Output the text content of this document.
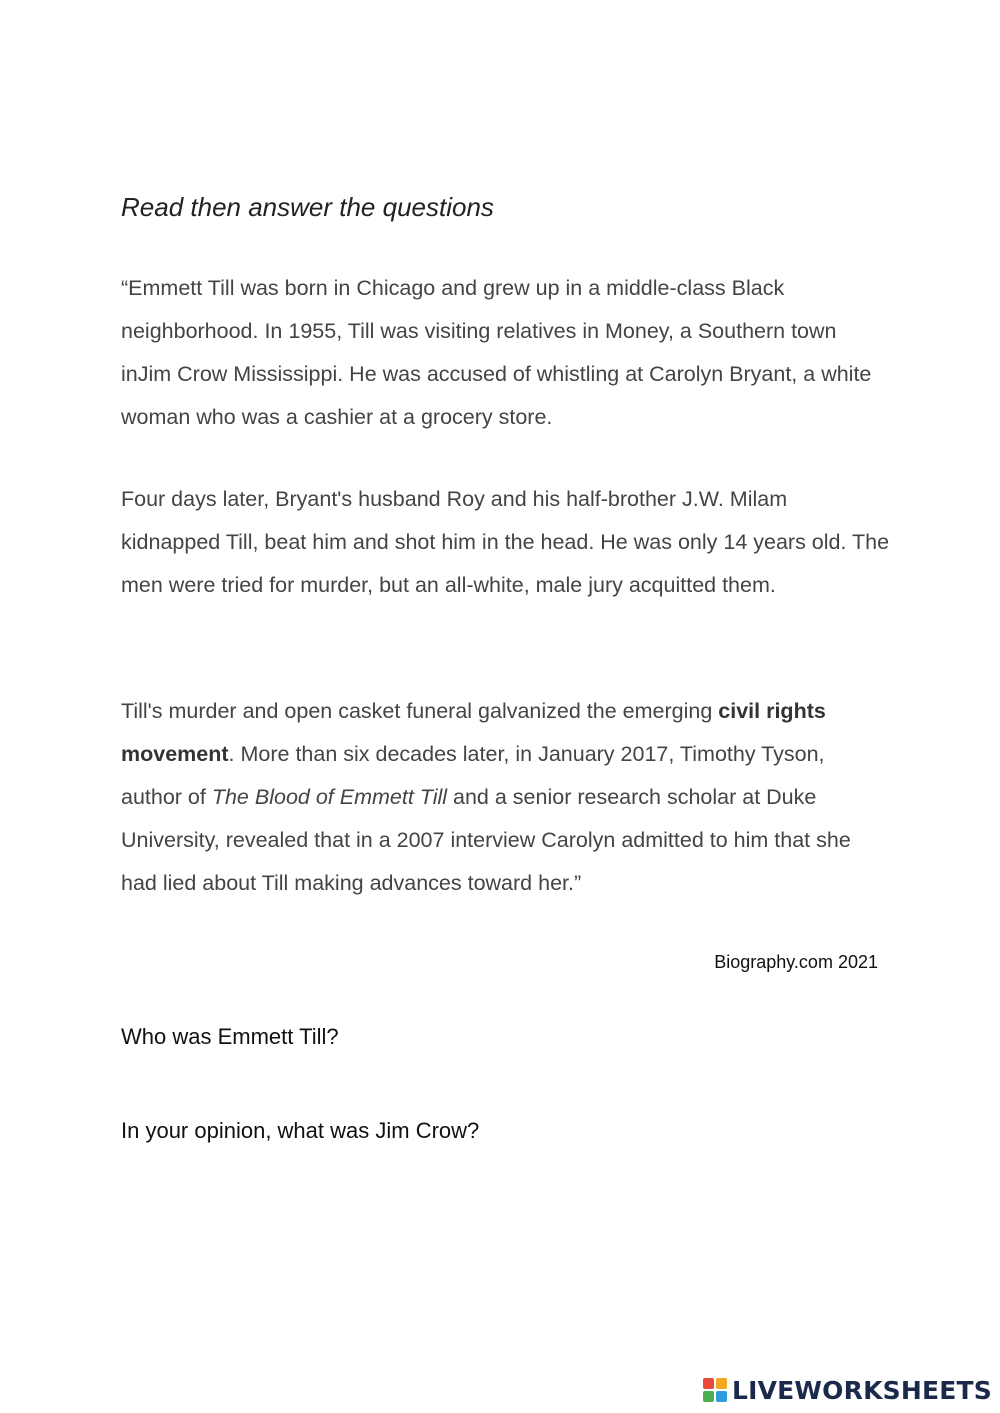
Read then answer the questions

“Emmett Till was born in Chicago and grew up in a middle-class Black neighborhood. In 1955, Till was visiting relatives in Money, a Southern town inJim Crow Mississippi. He was accused of whistling at Carolyn Bryant, a white woman who was a cashier at a grocery store.

Four days later, Bryant's husband Roy and his half-brother J.W. Milam kidnapped Till, beat him and shot him in the head. He was only 14 years old. The men were tried for murder, but an all-white, male jury acquitted them.

Till's murder and open casket funeral galvanized the emerging civil rights movement. More than six decades later, in January 2017, Timothy Tyson, author of The Blood of Emmett Till and a senior research scholar at Duke University, revealed that in a 2007 interview Carolyn admitted to him that she had lied about Till making advances toward her.”

Biography.com 2021
Who was Emmett Till?
In your opinion, what was Jim Crow?
LIVEWORKSHEETS
